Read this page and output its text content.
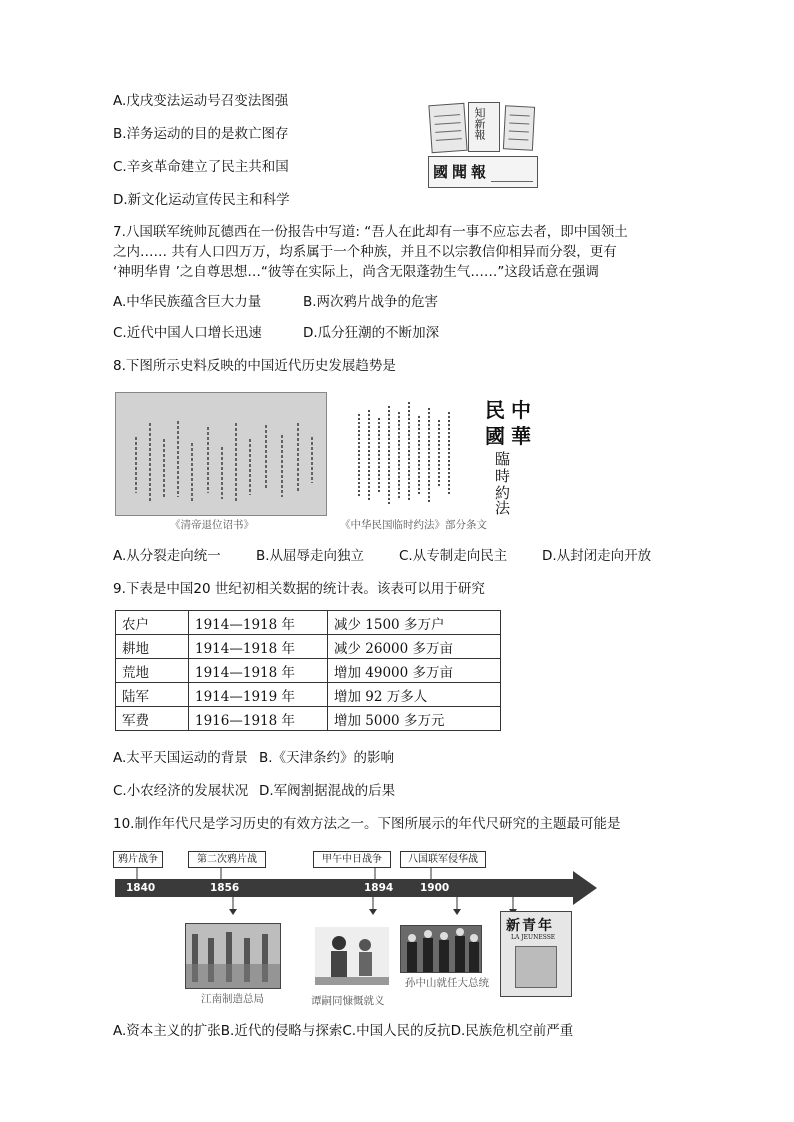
A.戊戌变法运动号召变法图强
B.洋务运动的目的是救亡图存
C.辛亥革命建立了民主共和国
D.新文化运动宣传民主和科学
知新報
國聞報
7.八国联军统帅瓦德西在一份报告中写道: “吾人在此却有一事不应忘去者，即中国领土
之内…… 共有人口四万万，均系属于一个种族，并且不以宗教信仰相异而分裂，更有
‘神明华胄 ’之自尊思想…“彼等在实际上，尚含无限蓬勃生气……”这段话意在强调
A.中华民族蕴含巨大力量	B.两次鸦片战争的危害
C.近代中国人口增长迅速	D.瓜分狂潮的不断加深
8.下图所示史料反映的中国近代历史发展趋势是
《清帝退位诏书》
中
華
民
國
臨
時
約
法
《中华民国临时约法》部分条文
A.从分裂走向统一	B.从屈辱走向独立	C.从专制走向民主	D.从封闭走向开放
9.下表是中国20 世纪初相关数据的统计表。该表可以用于研究
农户	1914—1918 年	减少 1500 多万户
耕地	1914—1918 年	减少 26000 多万亩
荒地	1914—1918 年	增加 49000 多万亩
陆军	1914—1919 年	增加 92 万多人
军费	1916—1918 年	增加 5000 多万元
A.太平天国运动的背景 B.《天津条约》的影响
C.小农经济的发展状况 D.军阀割据混战的后果
10.制作年代尺是学习历史的有效方法之一。下图所展示的年代尺研究的主题最可能是
鸦片战争	第二次鸦片战	甲午中日战争	八国联军侵华战
1840	1856	1894	1900
江南制造总局	谭嗣同慷慨就义
孙中山就任大总统
新青年
LA JEUNESSE
A.资本主义的扩张B.近代的侵略与探索C.中国人民的反抗D.民族危机空前严重
